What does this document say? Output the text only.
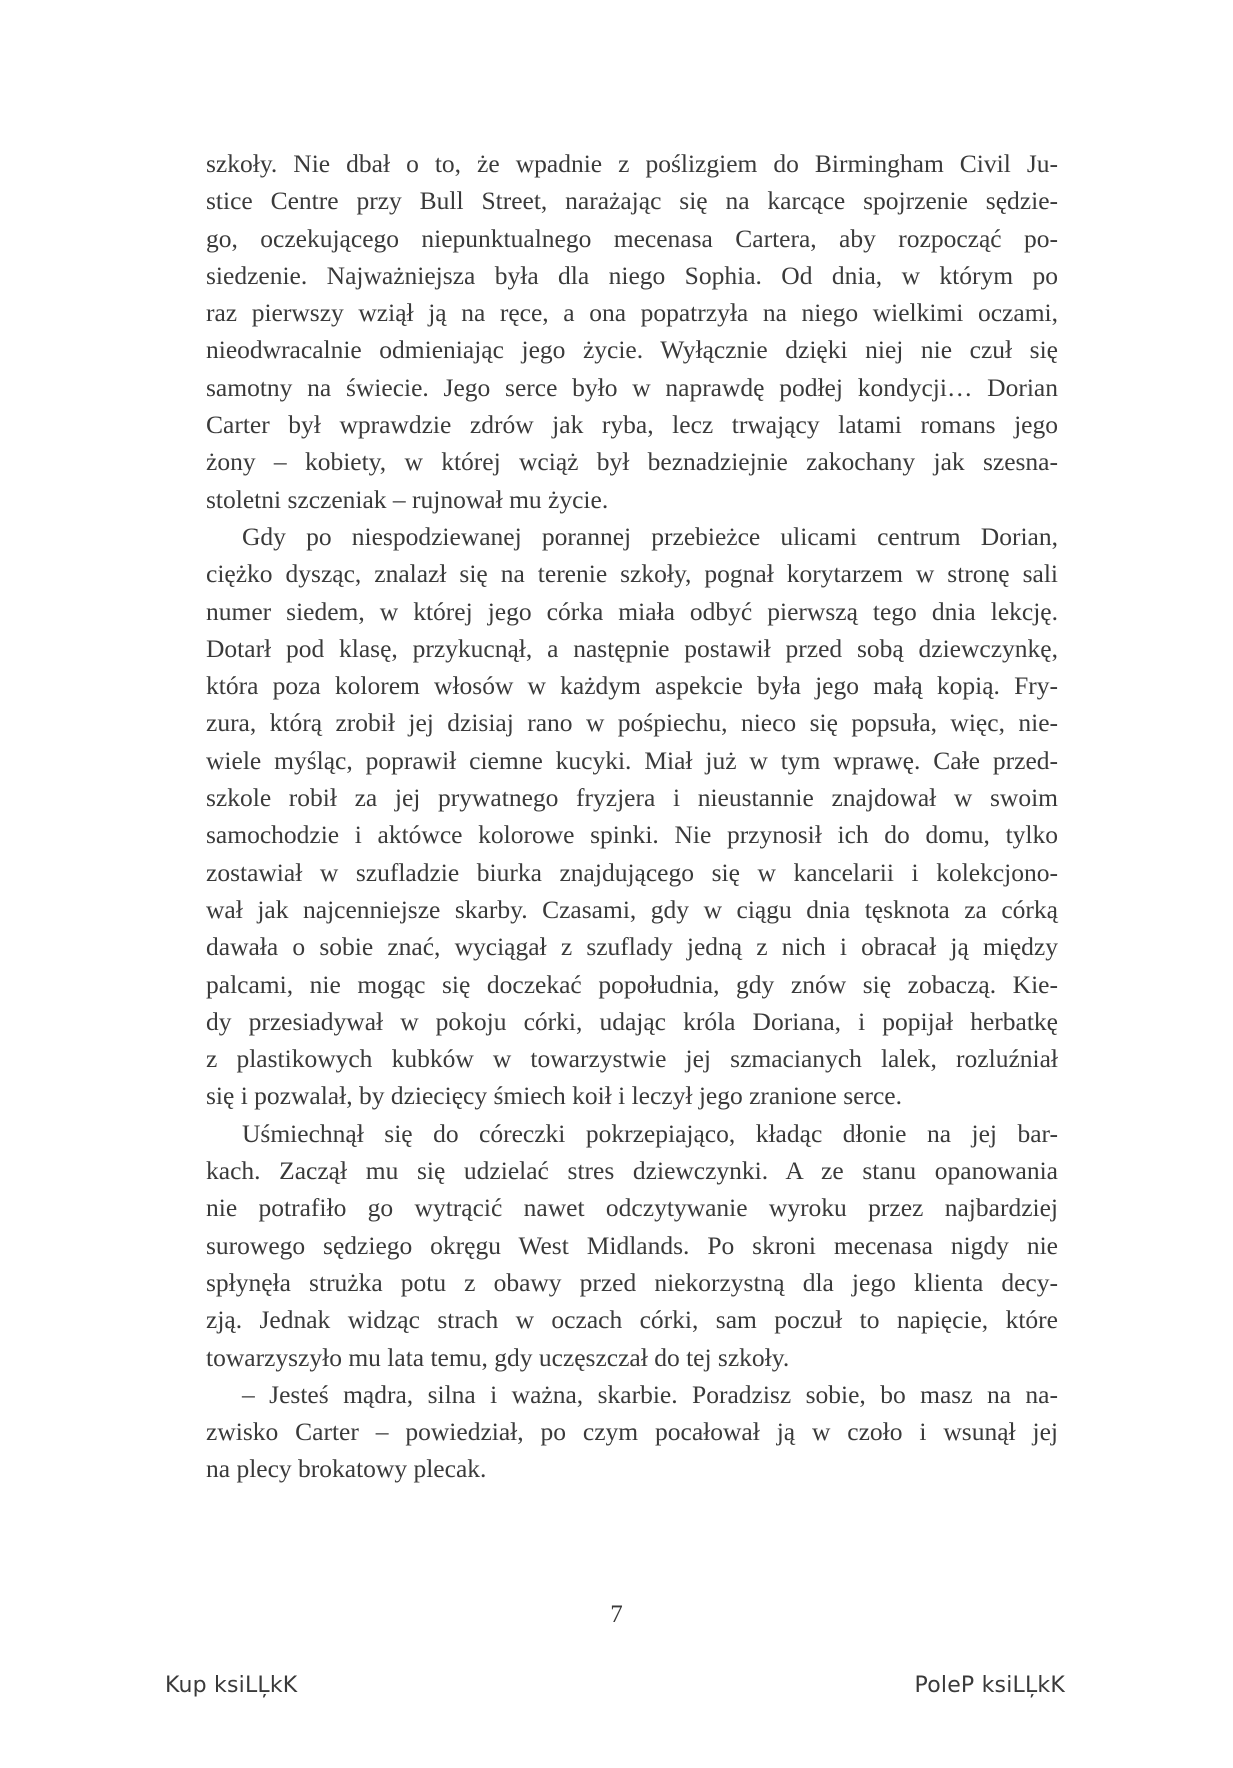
szkoły. Nie dbał o to, że wpadnie z poślizgiem do Birmingham Civil Ju-
stice Centre przy Bull Street, narażając się na karcące spojrzenie sędzie-
go, oczekującego niepunktualnego mecenasa Cartera, aby rozpocząć po-
siedzenie. Najważniejsza była dla niego Sophia. Od dnia, w którym po
raz pierwszy wziął ją na ręce, a ona popatrzyła na niego wielkimi oczami,
nieodwracalnie odmieniając jego życie. Wyłącznie dzięki niej nie czuł się
samotny na świecie. Jego serce było w naprawdę podłej kondycji… Dorian
Carter był wprawdzie zdrów jak ryba, lecz trwający latami romans jego
żony – kobiety, w której wciąż był beznadziejnie zakochany jak szesna-
stoletni szczeniak – rujnował mu życie.
Gdy po niespodziewanej porannej przebieżce ulicami centrum Dorian,
ciężko dysząc, znalazł się na terenie szkoły, pognał korytarzem w stronę sali
numer siedem, w której jego córka miała odbyć pierwszą tego dnia lekcję.
Dotarł pod klasę, przykucnął, a następnie postawił przed sobą dziewczynkę,
która poza kolorem włosów w każdym aspekcie była jego małą kopią. Fry-
zura, którą zrobił jej dzisiaj rano w pośpiechu, nieco się popsuła, więc, nie-
wiele myśląc, poprawił ciemne kucyki. Miał już w tym wprawę. Całe przed-
szkole robił za jej prywatnego fryzjera i nieustannie znajdował w swoim
samochodzie i aktówce kolorowe spinki. Nie przynosił ich do domu, tylko
zostawiał w szufladzie biurka znajdującego się w kancelarii i kolekcjono-
wał jak najcenniejsze skarby. Czasami, gdy w ciągu dnia tęsknota za córką
dawała o sobie znać, wyciągał z szuflady jedną z nich i obracał ją między
palcami, nie mogąc się doczekać popołudnia, gdy znów się zobaczą. Kie-
dy przesiadywał w pokoju córki, udając króla Doriana, i popijał herbatkę
z plastikowych kubków w towarzystwie jej szmacianych lalek, rozluźniał
się i pozwalał, by dziecięcy śmiech koił i leczył jego zranione serce.
Uśmiechnął się do córeczki pokrzepiająco, kładąc dłonie na jej bar-
kach. Zaczął mu się udzielać stres dziewczynki. A ze stanu opanowania
nie potrafiło go wytrącić nawet odczytywanie wyroku przez najbardziej
surowego sędziego okręgu West Midlands. Po skroni mecenasa nigdy nie
spłynęła strużka potu z obawy przed niekorzystną dla jego klienta decy-
zją. Jednak widząc strach w oczach córki, sam poczuł to napięcie, które
towarzyszyło mu lata temu, gdy uczęszczał do tej szkoły.
– Jesteś mądra, silna i ważna, skarbie. Poradzisz sobie, bo masz na na-
zwisko Carter – powiedział, po czym pocałował ją w czoło i wsunął jej
na plecy brokatowy plecak.
7
Kup ksiLĻkK	PoleP ksiLĻkK
